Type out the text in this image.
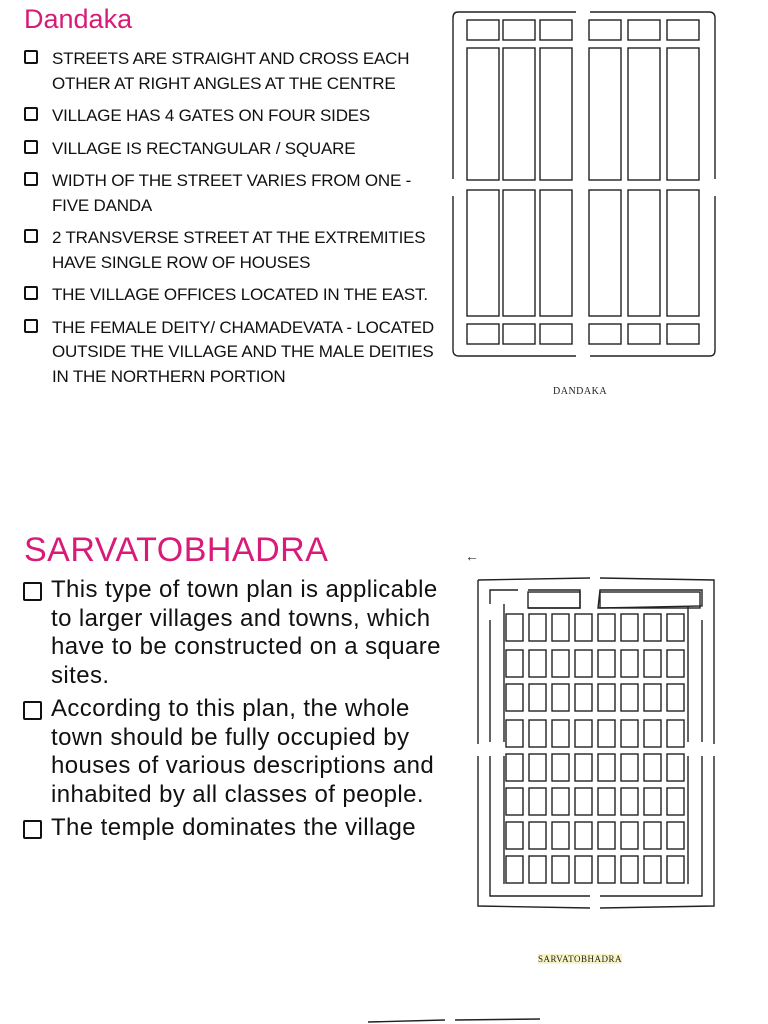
Dandaka
STREETS ARE STRAIGHT AND CROSS EACH OTHER AT RIGHT ANGLES AT THE CENTRE
VILLAGE HAS 4 GATES ON FOUR SIDES
VILLAGE IS RECTANGULAR / SQUARE
WIDTH OF THE STREET VARIES FROM ONE - FIVE DANDA
2 TRANSVERSE STREET AT THE EXTREMITIES HAVE SINGLE ROW OF HOUSES
THE VILLAGE OFFICES LOCATED IN THE EAST.
THE FEMALE DEITY/ CHAMADEVATA - LOCATED OUTSIDE THE VILLAGE AND THE MALE DEITIES IN THE NORTHERN PORTION
DANDAKA
SARVATOBHADRA	←
This type of town plan is applicable to larger villages and towns, which have to be constructed on a square sites.
According to this plan, the whole town should be fully occupied by houses of various descriptions and inhabited by all classes of people.
The temple dominates the village
SARVATOBHADRA
